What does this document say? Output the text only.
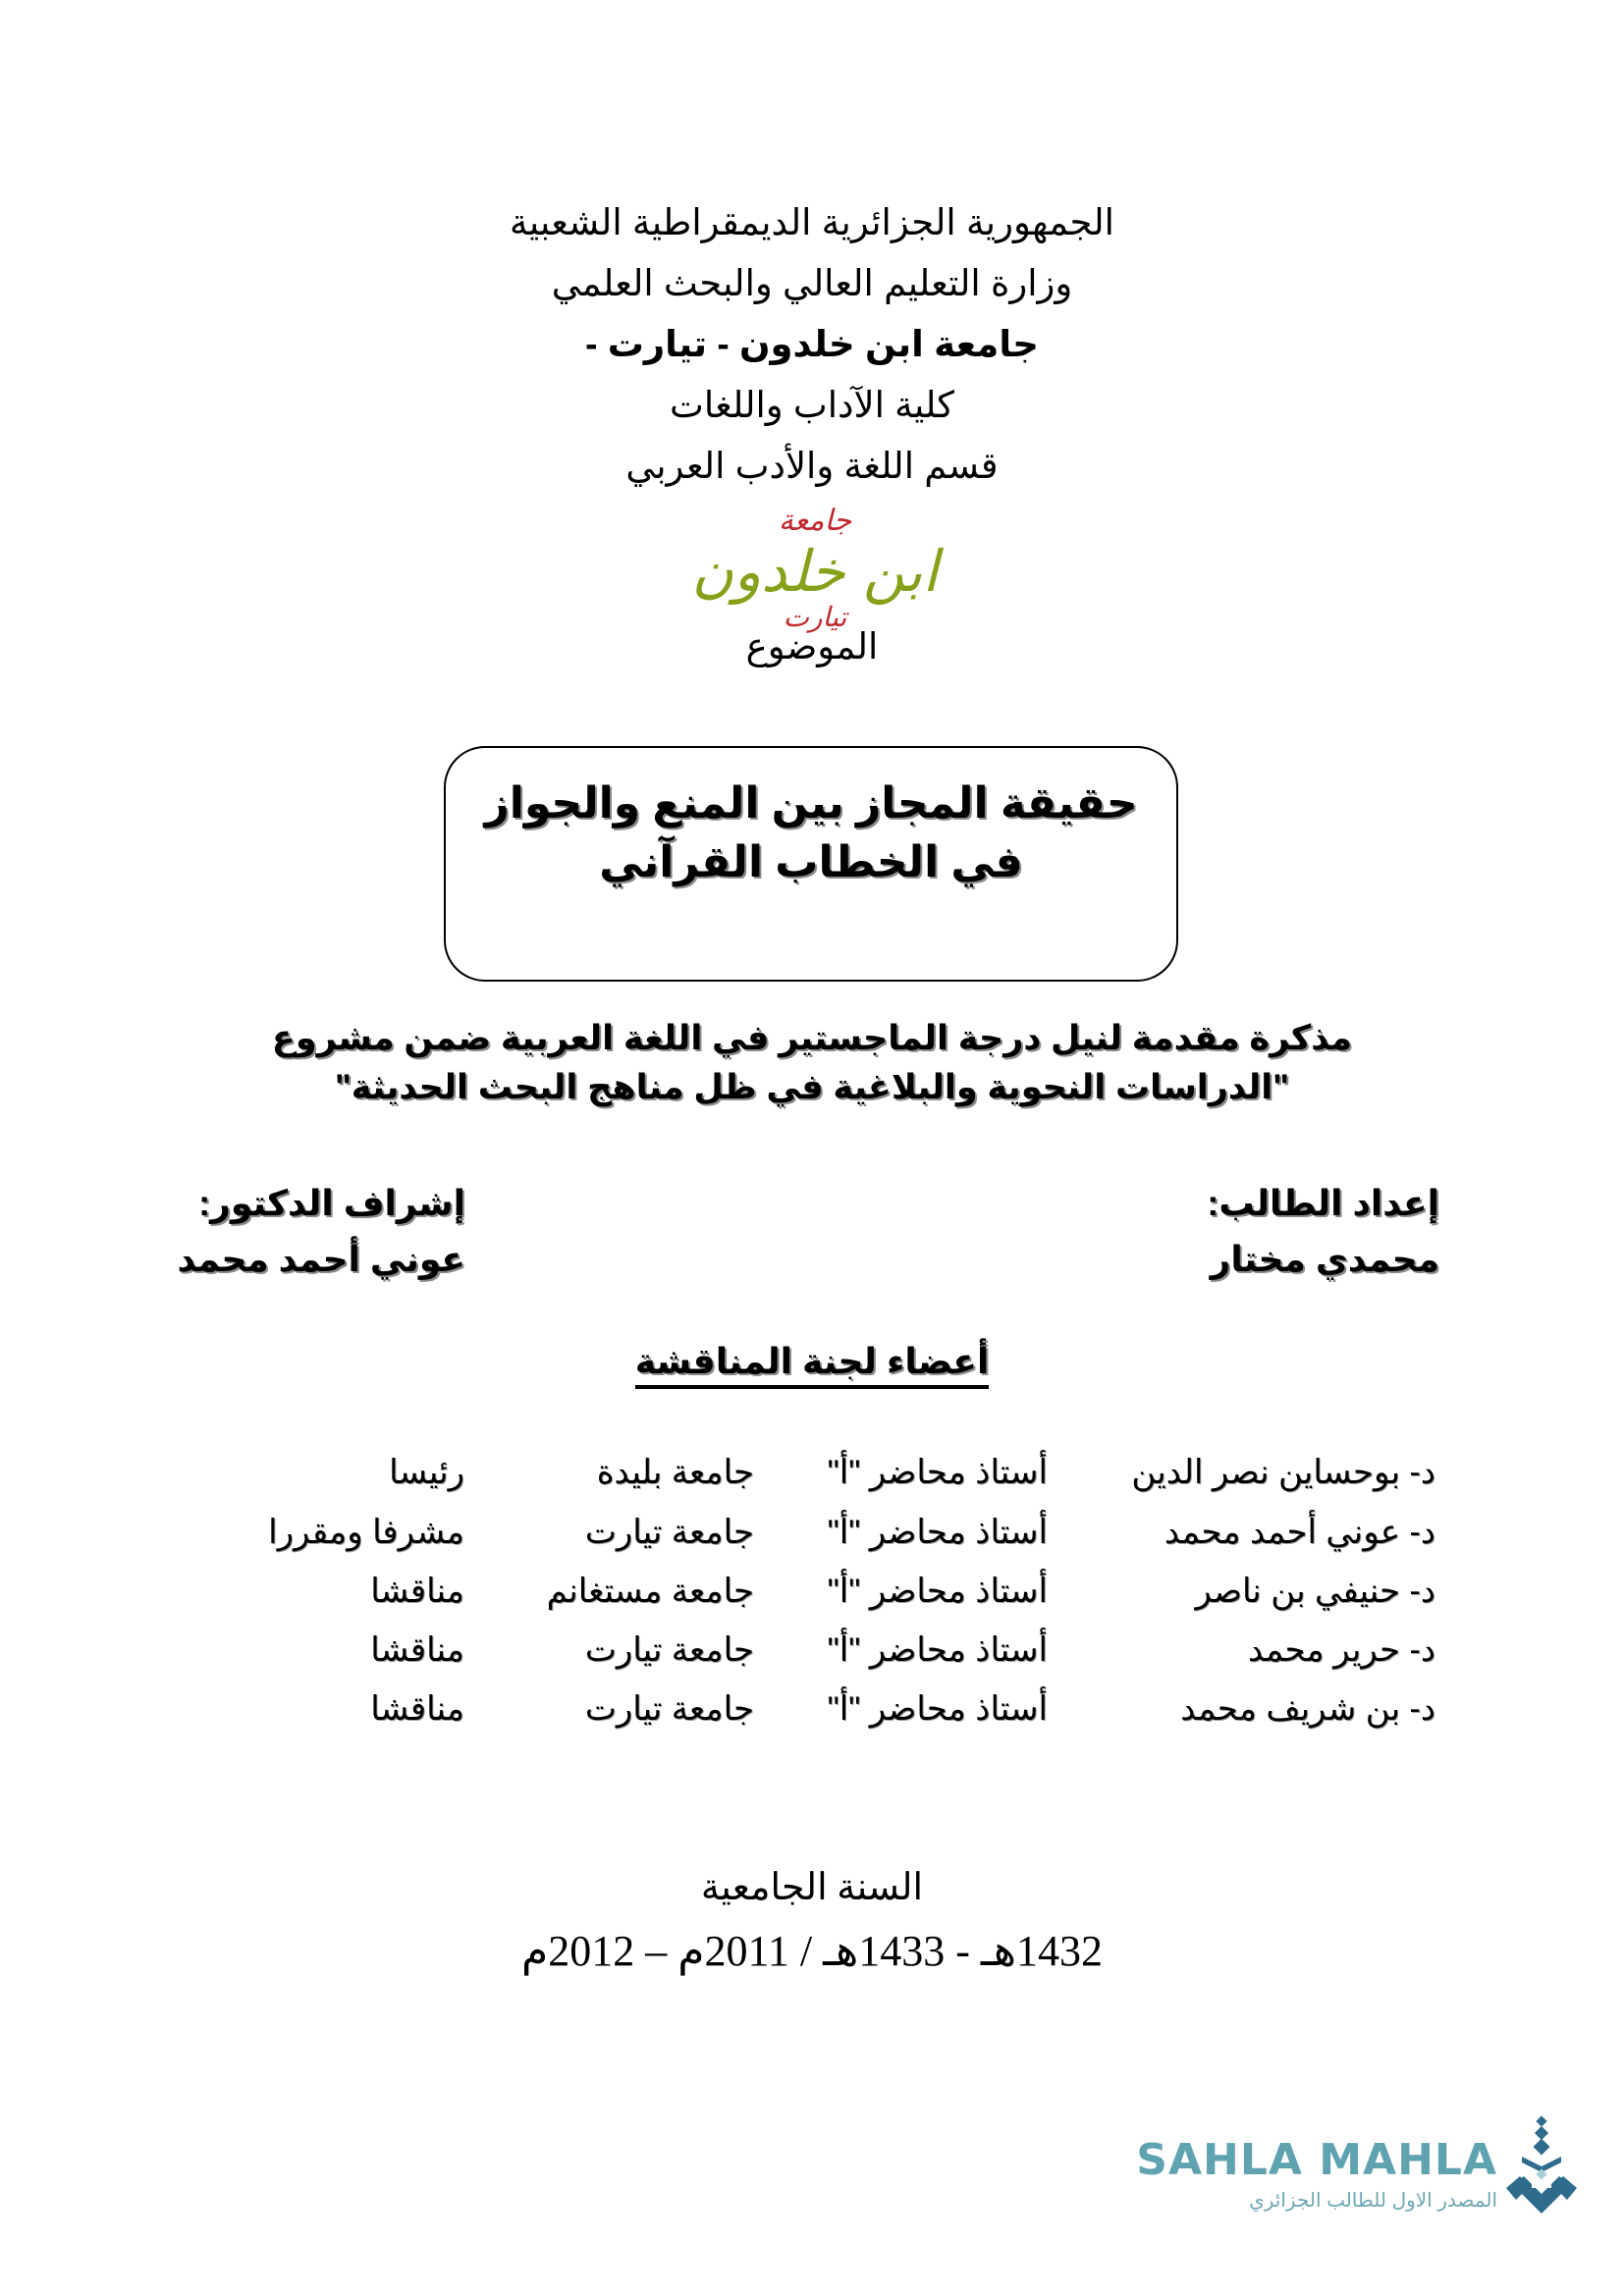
الجمهورية الجزائرية الديمقراطية الشعبية
وزارة التعليم العالي والبحث العلمي
جامعة ابن خلدون - تيارت -
كلية الآداب واللغات
قسم اللغة والأدب العربي
جامعة
ابن خلدون
تيارت
الموضوع
حقيقة المجاز بين المنع والجواز
في الخطاب القرآني
مذكرة مقدمة لنيل درجة الماجستير في اللغة العربية ضمن مشروع
"الدراسات النحوية والبلاغية في ظل مناهج البحث الحديثة"
إعداد الطالب:
محمدي مختار
إشراف الدكتور:
عوني أحمد محمد
أعضاء لجنة المناقشة
د- بوحساين نصر الدين
أستاذ محاضر "أ"
جامعة بليدة
رئيسا
د- عوني أحمد محمد
أستاذ محاضر "أ"
جامعة تيارت
مشرفا ومقررا
د- حنيفي بن ناصر
أستاذ محاضر "أ"
جامعة مستغانم
مناقشا
د- حرير محمد
أستاذ محاضر "أ"
جامعة تيارت
مناقشا
د- بن شريف محمد
أستاذ محاضر "أ"
جامعة تيارت
مناقشا
السنة الجامعية
1432هـ - 1433هـ / 2011م – 2012م
SAHLA MAHLA
المصدر الاول للطالب الجزائري
